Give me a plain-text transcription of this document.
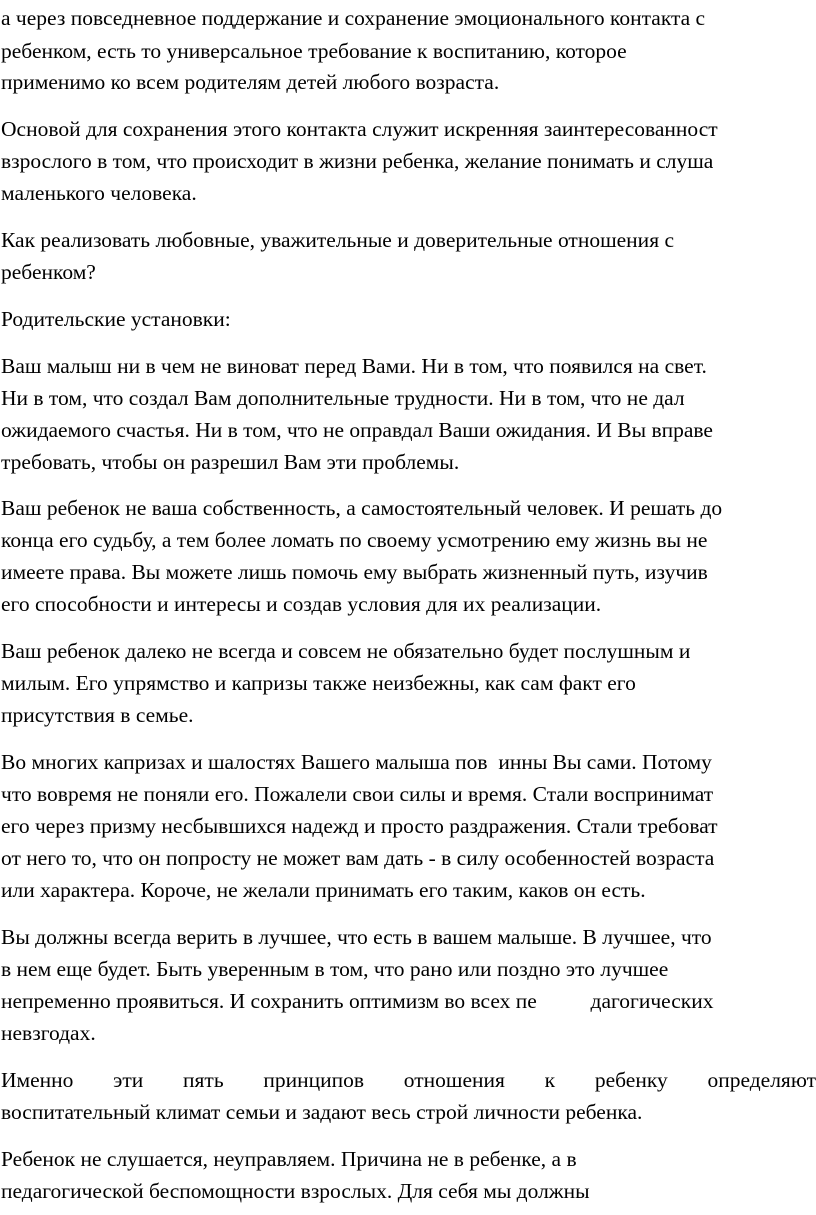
а через повседневное поддержание и сохранение эмоционального контакта с
ребенком, есть то универсальное требование к воспитанию, которое
применимо ко всем родителям детей любого возраста.
Основой для сохранения этого контакта служит искренняя заинтересованност
взрослого в том, что происходит в жизни ребенка, желание понимать и слуша
маленького человека.
Как реализовать любовные, уважительные и доверительные отношения с
ребенком?
Родительские установки:
Ваш малыш ни в чем не виноват перед Вами. Ни в том, что появился на свет.
Ни в том, что создал Вам дополнительные трудности. Ни в том, что не дал
ожидаемого счастья. Ни в том, что не оправдал Ваши ожидания. И Вы вправе
требовать, чтобы он разрешил Вам эти проблемы.
Ваш ребенок не ваша собственность, а самостоятельный человек. И решать до
конца его судьбу, а тем более ломать по своему усмотрению ему жизнь вы не
имеете права. Вы можете лишь помочь ему выбрать жизненный путь, изучив
его способности и интересы и создав условия для их реализации.
Ваш ребенок далеко не всегда и совсем не обязательно будет послушным и
милым. Его упрямство и капризы также неизбежны, как сам факт его
присутствия в семье.
Во многих капризах и шалостях Вашего малыша пов  инны Вы сами. Потому
что вовремя не поняли его. Пожалели свои силы и время. Стали воспринимат
его через призму несбывшихся надежд и просто раздражения. Стали требоват
от него то, что он попросту не может вам дать - в силу особенностей возраста
или характера. Короче, не желали принимать его таким, каков он есть.
Вы должны всегда верить в лучшее, что есть в вашем малыше. В лучшее, что
в нем еще будет. Быть уверенным в том, что рано или поздно это лучшее
непременно проявиться. И сохранить оптимизм во всех пе          дагогических
невзгодах.
Именно эти пять принципов отношения к ребенку определяют
воспитательный климат семьи и задают весь строй личности ребенка.
Ребенок не слушается, неуправляем. Причина не в ребенке, а в
педагогической беспомощности взрослых. Для себя мы должны
